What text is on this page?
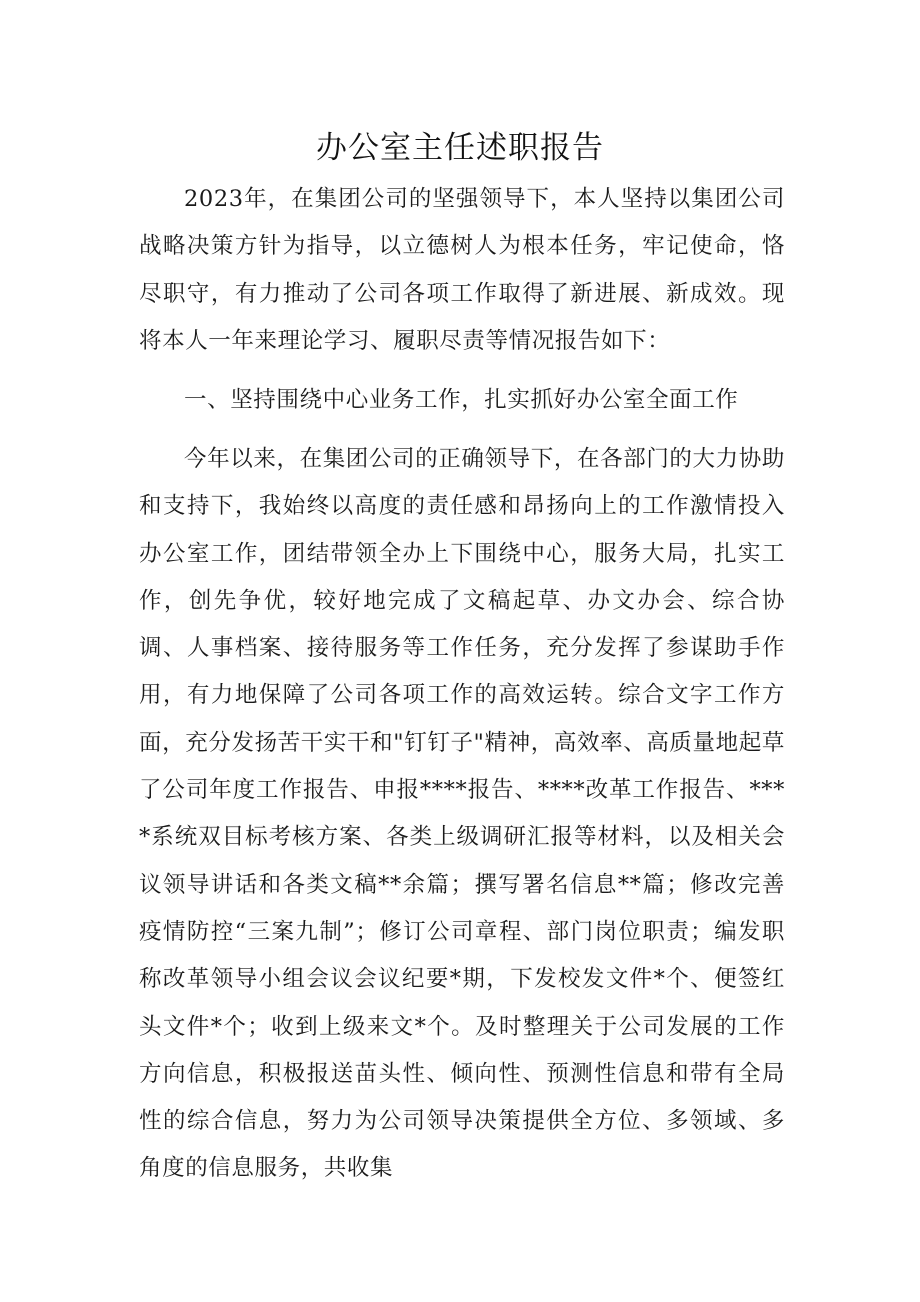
办公室主任述职报告

2023年，在集团公司的坚强领导下，本人坚持以集团公司战略决策方针为指导，以立德树人为根本任务，牢记使命，恪尽职守，有力推动了公司各项工作取得了新进展、新成效。现将本人一年来理论学习、履职尽责等情况报告如下：

一、坚持围绕中心业务工作，扎实抓好办公室全面工作

今年以来，在集团公司的正确领导下，在各部门的大力协助和支持下，我始终以高度的责任感和昂扬向上的工作激情投入办公室工作，团结带领全办上下围绕中心，服务大局，扎实工作，创先争优，较好地完成了文稿起草、办文办会、综合协调、人事档案、接待服务等工作任务，充分发挥了参谋助手作用，有力地保障了公司各项工作的高效运转。综合文字工作方面，充分发扬苦干实干和"钉钉子"精神，高效率、高质量地起草了公司年度工作报告、申报****报告、****改革工作报告、****系统双目标考核方案、各类上级调研汇报等材料，以及相关会议领导讲话和各类文稿**余篇；撰写署名信息**篇；修改完善疫情防控“三案九制”；修订公司章程、部门岗位职责；编发职称改革领导小组会议会议纪要*期，下发校发文件*个、便签红头文件*个；收到上级来文*个。及时整理关于公司发展的工作方向信息，积极报送苗头性、倾向性、预测性信息和带有全局性的综合信息，努力为公司领导决策提供全方位、多领域、多角度的信息服务，共收集
